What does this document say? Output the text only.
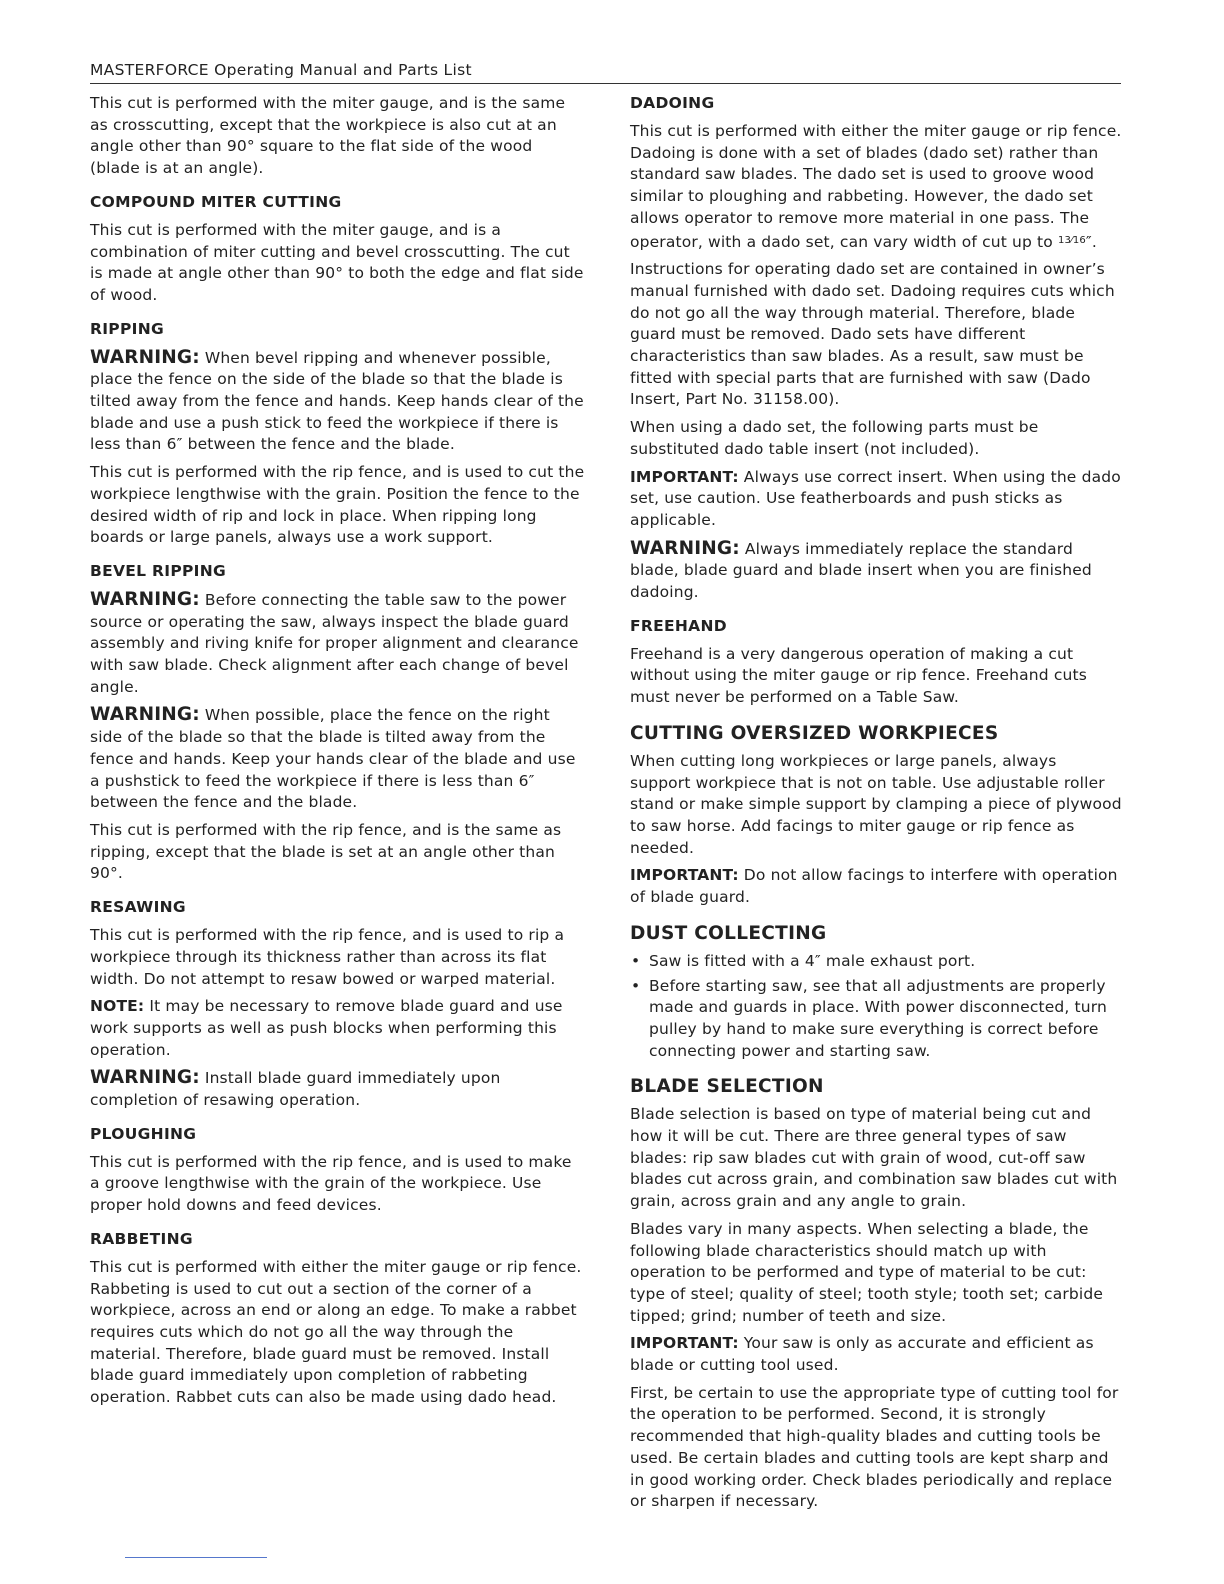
MASTERFORCE Operating Manual and Parts List

This cut is performed with the miter gauge, and is the same as crosscutting, except that the workpiece is also cut at an angle other than 90° square to the flat side of the wood (blade is at an angle).

COMPOUND MITER CUTTING

This cut is performed with the miter gauge, and is a combination of miter cutting and bevel crosscutting. The cut is made at angle other than 90° to both the edge and flat side of wood.

RIPPING

WARNING: When bevel ripping and whenever possible, place the fence on the side of the blade so that the blade is tilted away from the fence and hands. Keep hands clear of the blade and use a push stick to feed the workpiece if there is less than 6″ between the fence and the blade.

This cut is performed with the rip fence, and is used to cut the workpiece lengthwise with the grain. Position the fence to the desired width of rip and lock in place. When ripping long boards or large panels, always use a work support.

BEVEL RIPPING

WARNING: Before connecting the table saw to the power source or operating the saw, always inspect the blade guard assembly and riving knife for proper alignment and clearance with saw blade. Check alignment after each change of bevel angle.

WARNING: When possible, place the fence on the right side of the blade so that the blade is tilted away from the fence and hands. Keep your hands clear of the blade and use a pushstick to feed the workpiece if there is less than 6″ between the fence and the blade.

This cut is performed with the rip fence, and is the same as ripping, except that the blade is set at an angle other than 90°.

RESAWING

This cut is performed with the rip fence, and is used to rip a workpiece through its thickness rather than across its flat width. Do not attempt to resaw bowed or warped material.

NOTE: It may be necessary to remove blade guard and use work supports as well as push blocks when performing this operation.

WARNING: Install blade guard immediately upon completion of resawing operation.

PLOUGHING

This cut is performed with the rip fence, and is used to make a groove lengthwise with the grain of the workpiece. Use proper hold downs and feed devices.

RABBETING

This cut is performed with either the miter gauge or rip fence. Rabbeting is used to cut out a section of the corner of a

workpiece, across an end or along an edge. To make a rabbet requires cuts which do not go all the way through the material. Therefore, blade guard must be removed. Install blade guard immediately upon completion of rabbeting operation. Rabbet cuts can also be made using dado head.

DADOING

This cut is performed with either the miter gauge or rip fence. Dadoing is done with a set of blades (dado set) rather than standard saw blades. The dado set is used to groove wood similar to ploughing and rabbeting. However, the dado set allows operator to remove more material in one pass. The operator, with a dado set, can vary width of cut up to $^{13⁄16}$″.

Instructions for operating dado set are contained in owner’s manual furnished with dado set. Dadoing requires cuts which do not go all the way through material. Therefore, blade guard must be removed. Dado sets have different characteristics than saw blades. As a result, saw must be fitted with special parts that are furnished with saw (Dado Insert, Part No. 31158.00).

When using a dado set, the following parts must be substituted dado table insert (not included).

IMPORTANT: Always use correct insert. When using the dado set, use caution. Use featherboards and push sticks as applicable.

WARNING: Always immediately replace the standard blade, blade guard and blade insert when you are finished dadoing.

FREEHAND

Freehand is a very dangerous operation of making a cut without using the miter gauge or rip fence. Freehand cuts must never be performed on a Table Saw.

CUTTING OVERSIZED WORKPIECES

When cutting long workpieces or large panels, always support workpiece that is not on table. Use adjustable roller stand or make simple support by clamping a piece of plywood to saw horse. Add facings to miter gauge or rip fence as needed.

IMPORTANT: Do not allow facings to interfere with operation of blade guard.

DUST COLLECTING
• Saw is fitted with a 4″ male exhaust port.
• Before starting saw, see that all adjustments are properly made and guards in place. With power disconnected, turn pulley by hand to make sure everything is correct before connecting power and starting saw.
BLADE SELECTION

Blade selection is based on type of material being cut and how it will be cut. There are three general types of saw blades: rip saw blades cut with grain of wood, cut-off saw blades cut across grain, and combination saw blades cut with grain, across grain and any angle to grain.

Blades vary in many aspects. When selecting a blade, the following blade characteristics should match up with operation to be performed and type of material to be cut: type of steel; quality of steel; tooth style; tooth set; carbide tipped; grind; number of teeth and size.

IMPORTANT: Your saw is only as accurate and efficient as blade or cutting tool used.

First, be certain to use the appropriate type of cutting tool for the operation to be performed. Second, it is strongly recommended that high-quality blades and cutting tools be used. Be certain blades and cutting tools are kept sharp and in good working order. Check blades periodically and replace or sharpen if necessary.
